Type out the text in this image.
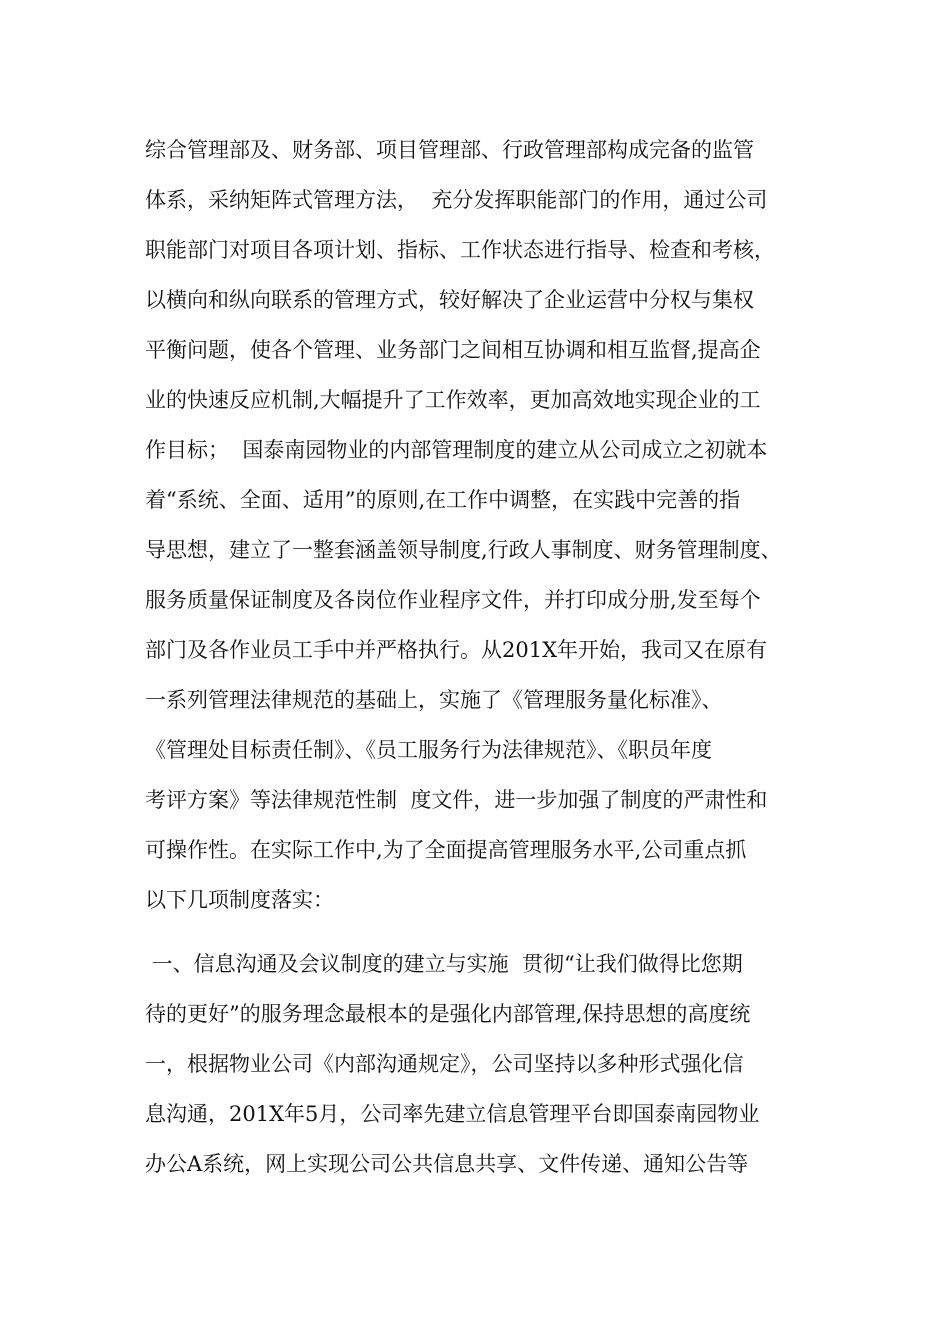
综合管理部及、财务部、项目管理部、行政管理部构成完备的监管
体系，采纳矩阵式管理方法，  充分发挥职能部门的作用，通过公司
职能部门对项目各项计划、指标、工作状态进行指导、检查和考核，
以横向和纵向联系的管理方式，较好解决了企业运营中分权与集权
平衡问题，使各个管理、业务部门之间相互协调和相互监督,提高企
业的快速反应机制,大幅提升了工作效率，更加高效地实现企业的工
作目标；  国泰南园物业的内部管理制度的建立从公司成立之初就本
着“系统、全面、适用”的原则,在工作中调整，在实践中完善的指
导思想，建立了一整套涵盖领导制度,行政人事制度、财务管理制度、
服务质量保证制度及各岗位作业程序文件，并打印成分册,发至每个
部门及各作业员工手中并严格执行。从201X年开始，我司又在原有
一系列管理法律规范的基础上，实施了《管理服务量化标准》、
《管理处目标责任制》、《员工服务行为法律规范》、《职员年度
考评方案》等法律规范性制  度文件，进一步加强了制度的严肃性和
可操作性。在实际工作中,为了全面提高管理服务水平,公司重点抓
以下几项制度落实：
一、信息沟通及会议制度的建立与实施  贯彻“让我们做得比您期
待的更好”的服务理念最根本的是强化内部管理,保持思想的高度统
一，根据物业公司《内部沟通规定》，公司坚持以多种形式强化信
息沟通，201X年5月，公司率先建立信息管理平台即国泰南园物业
办公A系统，网上实现公司公共信息共享、文件传递、通知公告等
